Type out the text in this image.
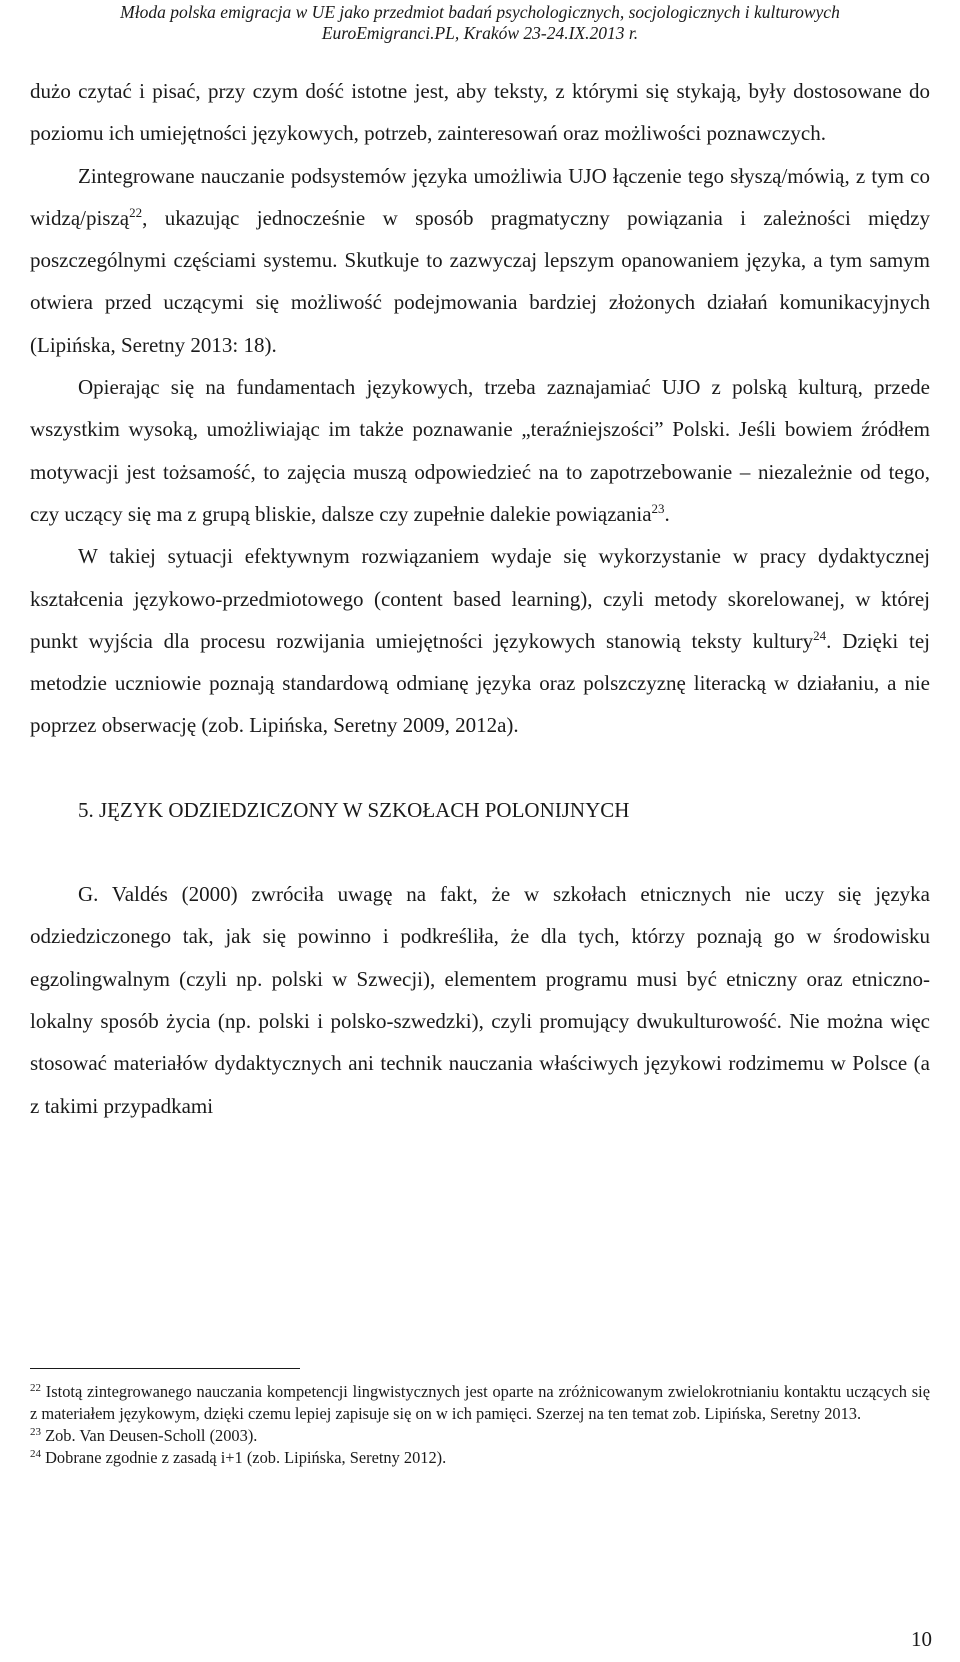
Młoda polska emigracja w UE jako przedmiot badań psychologicznych, socjologicznych i kulturowych
EuroEmigranci.PL, Kraków 23-24.IX.2013 r.

dużo czytać i pisać, przy czym dość istotne jest, aby teksty, z którymi się stykają, były dostosowane do poziomu ich umiejętności językowych, potrzeb, zainteresowań oraz możliwości poznawczych.

Zintegrowane nauczanie podsystemów języka umożliwia UJO łączenie tego słyszą/mówią, z tym co widzą/piszą$^{22}$, ukazując jednocześnie w sposób pragmatyczny powiązania i zależności między poszczególnymi częściami systemu. Skutkuje to zazwyczaj lepszym opanowaniem języka, a tym samym otwiera przed uczącymi się możliwość podejmowania bardziej złożonych działań komunikacyjnych (Lipińska, Seretny 2013: 18).

Opierając się na fundamentach językowych, trzeba zaznajamiać UJO z polską kulturą, przede wszystkim wysoką, umożliwiając im także poznawanie „teraźniejszości” Polski. Jeśli bowiem źródłem motywacji jest tożsamość, to zajęcia muszą odpowiedzieć na to zapotrzebowanie – niezależnie od tego, czy uczący się ma z grupą bliskie, dalsze czy zupełnie dalekie powiązania$^{23}$.

W takiej sytuacji efektywnym rozwiązaniem wydaje się wykorzystanie w pracy dydaktycznej kształcenia językowo-przedmiotowego (content based learning), czyli metody skorelowanej, w której punkt wyjścia dla procesu rozwijania umiejętności językowych stanowią teksty kultury$^{24}$. Dzięki tej metodzie uczniowie poznają standardową odmianę języka oraz polszczyznę literacką w działaniu, a nie poprzez obserwację (zob. Lipińska, Seretny 2009, 2012a).

5. JĘZYK ODZIEDZICZONY W SZKOŁACH POLONIJNYCH

G. Valdés (2000) zwróciła uwagę na fakt, że w szkołach etnicznych nie uczy się języka odziedziczonego tak, jak się powinno i podkreśliła, że dla tych, którzy poznają go w środowisku egzolingwalnym (czyli np. polski w Szwecji), elementem programu musi być etniczny oraz etniczno-lokalny sposób życia (np. polski i polsko-szwedzki), czyli promujący dwukulturowość. Nie można więc stosować materiałów dydaktycznych ani technik nauczania właściwych językowi rodzimemu w Polsce (a z takimi przypadkami

$^{22}$ Istotą zintegrowanego nauczania kompetencji lingwistycznych jest oparte na zróżnicowanym zwielokrotnianiu kontaktu uczących się z materiałem językowym, dzięki czemu lepiej zapisuje się on w ich pamięci. Szerzej na ten temat zob. Lipińska, Seretny 2013.

$^{23}$ Zob. Van Deusen-Scholl (2003).

$^{24}$ Dobrane zgodnie z zasadą i+1 (zob. Lipińska, Seretny 2012).

10
